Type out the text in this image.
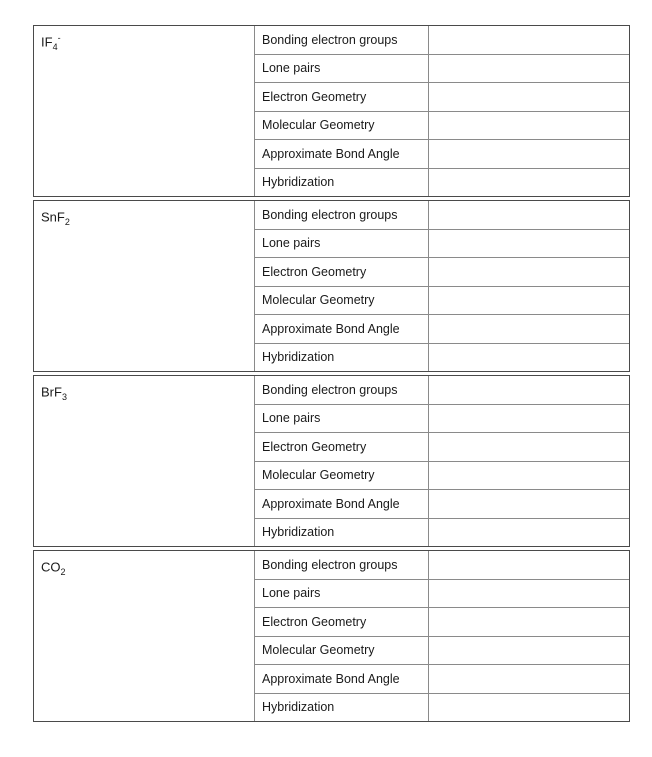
$IF_4^-$	Bonding electron groups
Lone pairs
Electron Geometry
Molecular Geometry
Approximate Bond Angle
Hybridization
SnF$_2$
Bonding electron groups
Lone pairs
Electron Geometry
Molecular Geometry
Approximate Bond Angle
Hybridization
BrF$_3$
Bonding electron groups
Lone pairs
Electron Geometry
Molecular Geometry
Approximate Bond Angle
Hybridization
$CO_2$
Bonding electron groups
Lone pairs
Electron Geometry
Molecular Geometry
Approximate Bond Angle
Hybridization
